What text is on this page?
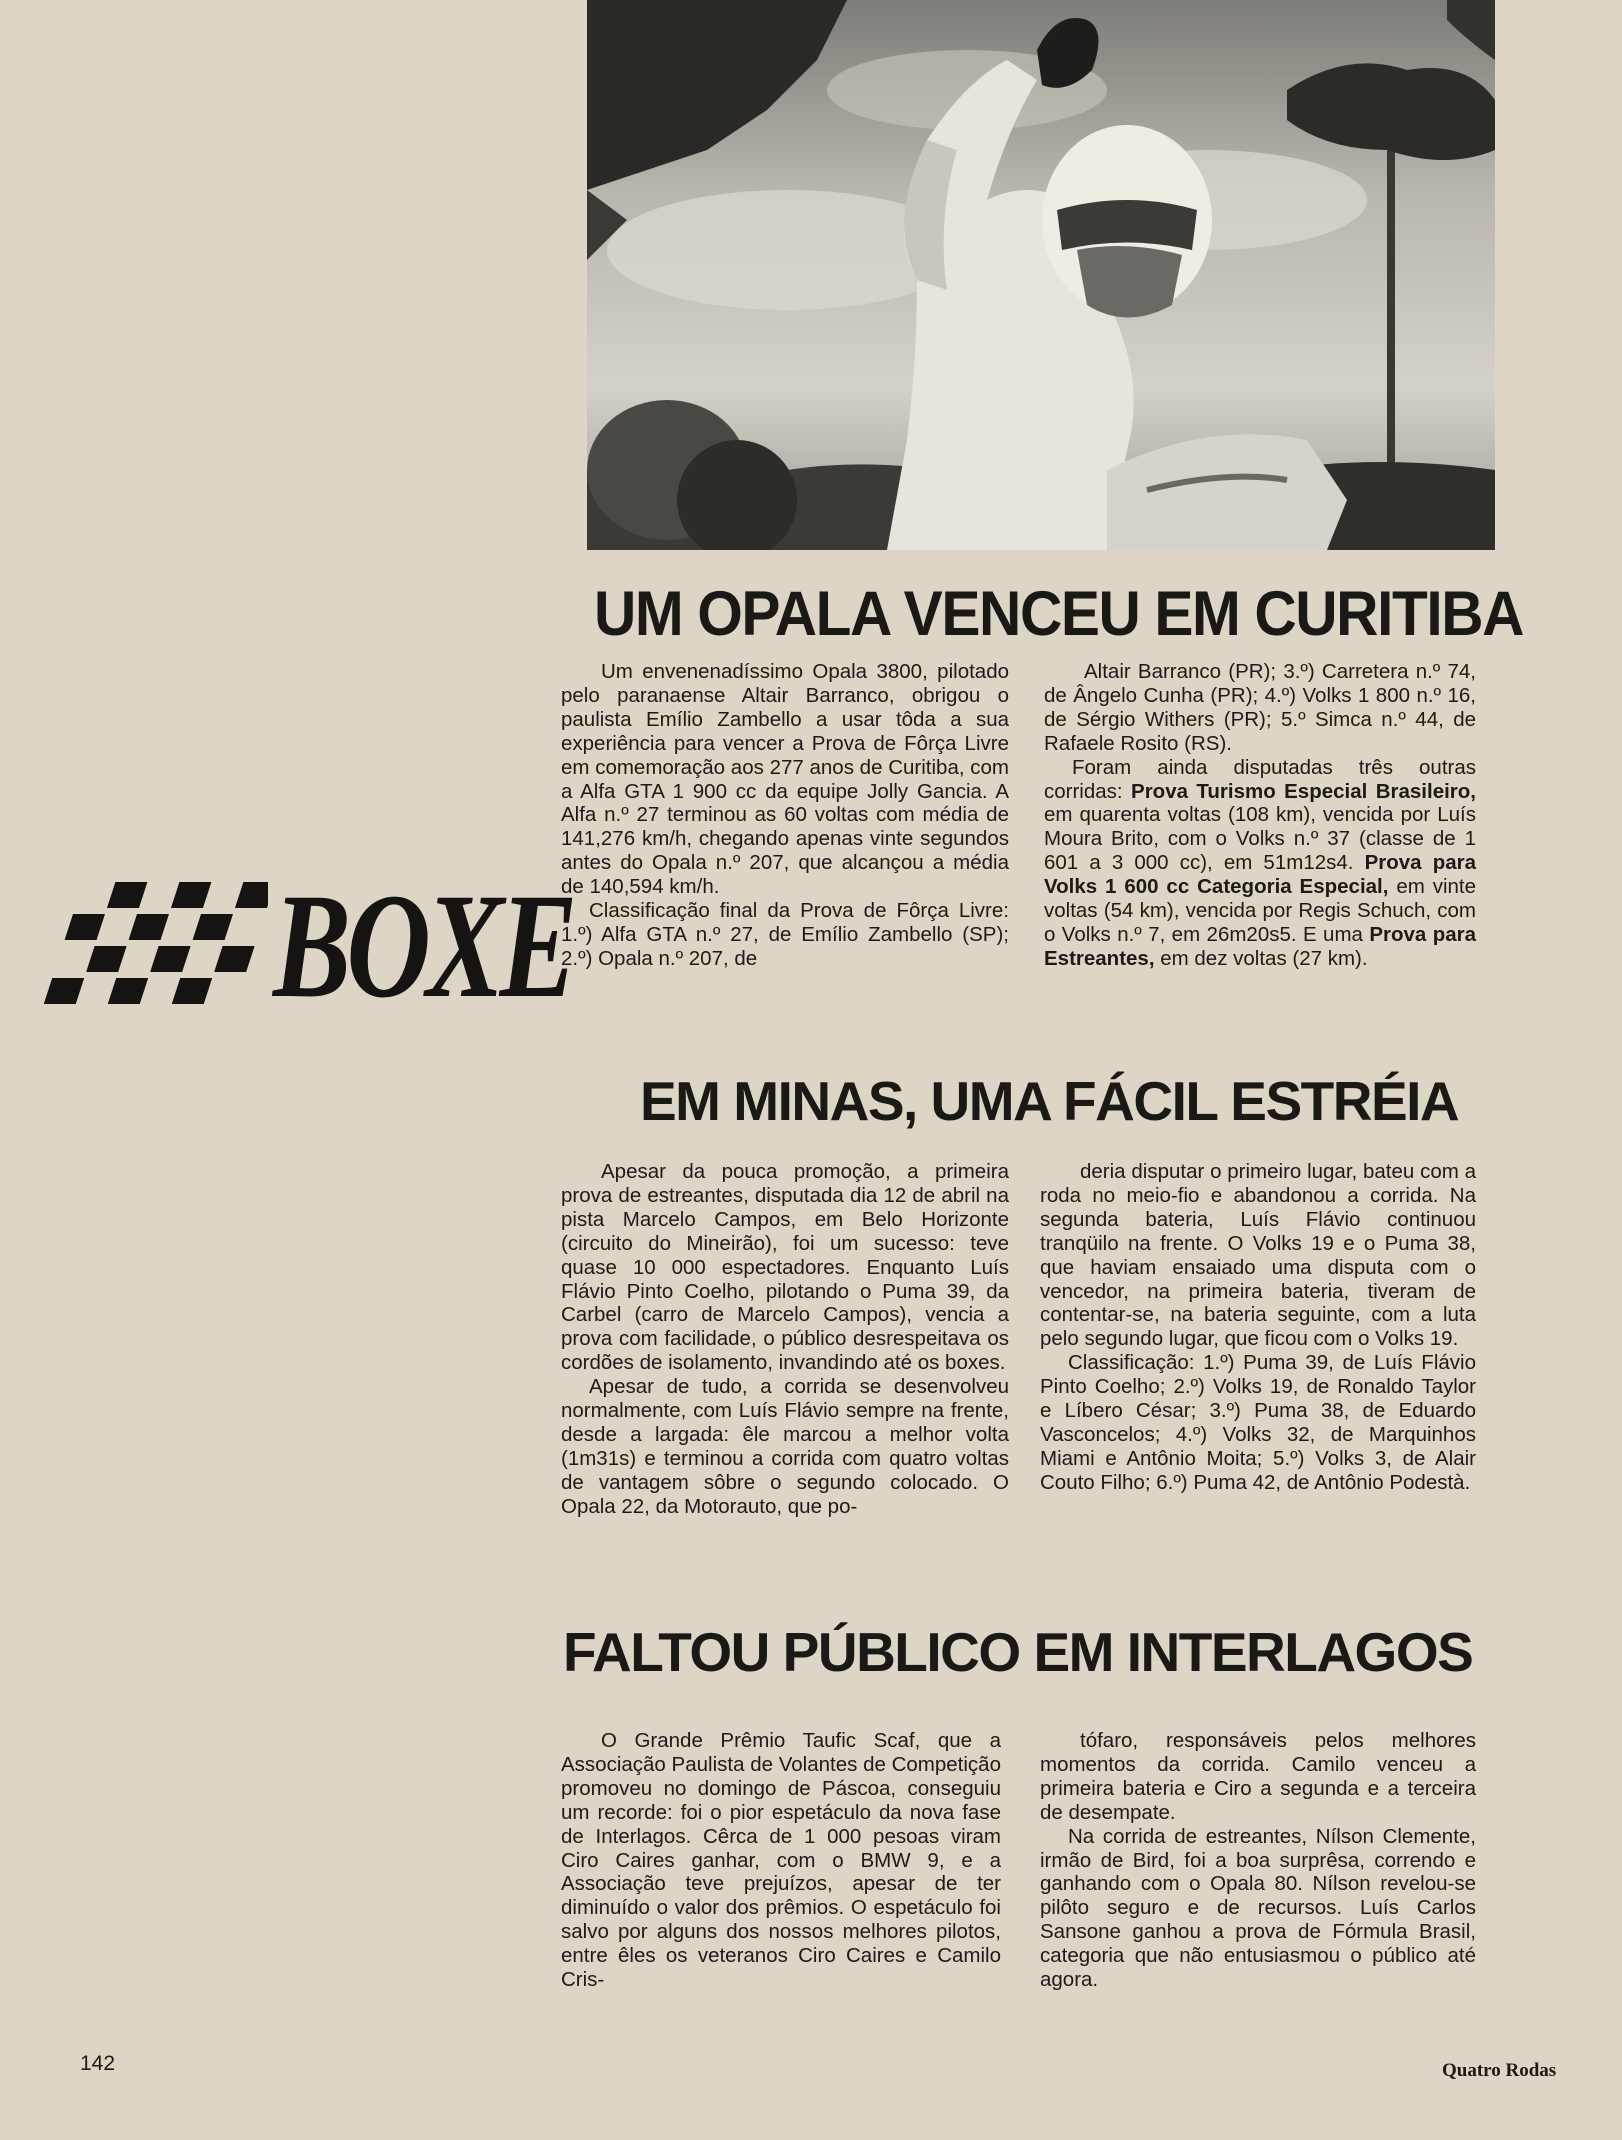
UM OPALA VENCEU EM CURITIBA

Um envenenadíssimo Opala 3800, pilotado pelo paranaense Altair Barranco, obrigou o paulista Emílio Zambello a usar tôda a sua experiência para vencer a Prova de Fôrça Livre em comemoração aos 277 anos de Curitiba, com a Alfa GTA 1 900 cc da equipe Jolly Gancia. A Alfa n.º 27 terminou as 60 voltas com média de 141,276 km/h, chegando apenas vinte segundos antes do Opala n.º 207, que alcançou a média de 140,594 km/h.

Classificação final da Prova de Fôrça Livre: 1.º) Alfa GTA n.º 27, de Emílio Zambello (SP); 2.º) Opala n.º 207, de

Altair Barranco (PR); 3.º) Carretera n.º 74, de Ângelo Cunha (PR); 4.º) Volks 1 800 n.º 16, de Sérgio Withers (PR); 5.º Simca n.º 44, de Rafaele Rosito (RS).

Foram ainda disputadas três outras corridas: Prova Turismo Especial Brasileiro, em quarenta voltas (108 km), vencida por Luís Moura Brito, com o Volks n.º 37 (classe de 1 601 a 3 000 cc), em 51m12s4. Prova para Volks 1 600 cc Categoria Especial, em vinte voltas (54 km), vencida por Regis Schuch, com o Volks n.º 7, em 26m20s5. E uma Prova para Estreantes, em dez voltas (27 km).

BOXE

EM MINAS, UMA FÁCIL ESTRÉIA

Apesar da pouca promoção, a primeira prova de estreantes, disputada dia 12 de abril na pista Marcelo Campos, em Belo Horizonte (circuito do Mineirão), foi um sucesso: teve quase 10 000 espectadores. Enquanto Luís Flávio Pinto Coelho, pilotando o Puma 39, da Carbel (carro de Marcelo Campos), vencia a prova com facilidade, o público desrespeitava os cordões de isolamento, invandindo até os boxes.

Apesar de tudo, a corrida se desenvolveu normalmente, com Luís Flávio sempre na frente, desde a largada: êle marcou a melhor volta (1m31s) e terminou a corrida com quatro voltas de vantagem sôbre o segundo colocado. O Opala 22, da Motorauto, que po-

deria disputar o primeiro lugar, bateu com a roda no meio-fio e abandonou a corrida. Na segunda bateria, Luís Flávio continuou tranqüilo na frente. O Volks 19 e o Puma 38, que haviam ensaiado uma disputa com o vencedor, na primeira bateria, tiveram de contentar-se, na bateria seguinte, com a luta pelo segundo lugar, que ficou com o Volks 19.

Classificação: 1.º) Puma 39, de Luís Flávio Pinto Coelho; 2.º) Volks 19, de Ronaldo Taylor e Líbero César; 3.º) Puma 38, de Eduardo Vasconcelos; 4.º) Volks 32, de Marquinhos Miami e Antônio Moita; 5.º) Volks 3, de Alair Couto Filho; 6.º) Puma 42, de Antônio Podestà.

FALTOU PÚBLICO EM INTERLAGOS

O Grande Prêmio Taufic Scaf, que a Associação Paulista de Volantes de Competição promoveu no domingo de Páscoa, conseguiu um recorde: foi o pior espetáculo da nova fase de Interlagos. Cêrca de 1 000 pesoas viram Ciro Caires ganhar, com o BMW 9, e a Associação teve prejuízos, apesar de ter diminuído o valor dos prêmios. O espetáculo foi salvo por alguns dos nossos melhores pilotos, entre êles os veteranos Ciro Caires e Camilo Cris-

tófaro, responsáveis pelos melhores momentos da corrida. Camilo venceu a primeira bateria e Ciro a segunda e a terceira de desempate.

Na corrida de estreantes, Nílson Clemente, irmão de Bird, foi a boa surprêsa, correndo e ganhando com o Opala 80. Nílson revelou-se pilôto seguro e de recursos. Luís Carlos Sansone ganhou a prova de Fórmula Brasil, categoria que não entusiasmou o público até agora.

142	Quatro Rodas
